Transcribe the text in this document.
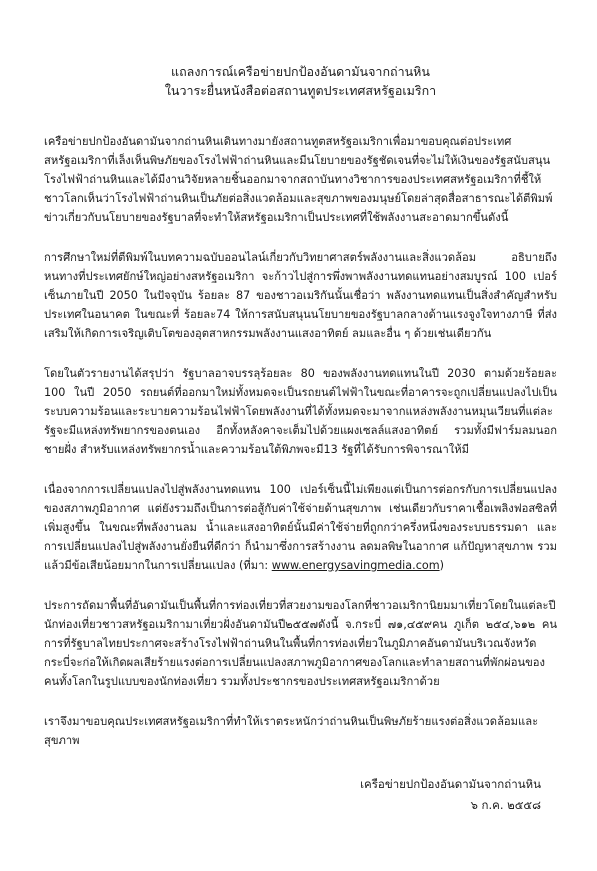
แถลงการณ์เครือข่ายปกป้องอันดามันจากถ่านหิน

ในวาระยื่นหนังสือต่อสถานทูตประเทศสหรัฐอเมริกา

เครือข่ายปกป้องอันดามันจากถ่านหินเดินทางมายังสถานทูตสหรัฐอเมริกาเพื่อมาขอบคุณต่อประเทศสหรัฐอเมริกาที่เล็งเห็นพิษภัยของโรงไฟฟ้าถ่านหินและมีนโยบายของรัฐชัดเจนที่จะไม่ให้เงินของรัฐสนับสนุนโรงไฟฟ้าถ่านหินและได้มีงานวิจัยหลายชิ้นออกมาจากสถาบันทางวิชาการของประเทศสหรัฐอเมริกาที่ชี้ให้ชาวโลกเห็นว่าโรงไฟฟ้าถ่านหินเป็นภัยต่อสิ่งแวดล้อมและสุขภาพของมนุษย์โดยล่าสุดสื่อสาธารณะได้ตีพิมพ์ข่าวเกี่ยวกับนโยบายของรัฐบาลที่จะทำให้สหรัฐอเมริกาเป็นประเทศที่ใช้พลังงานสะอาดมากขึ้นดังนี้

การศึกษาใหม่ที่ตีพิมพ์ในบทความฉบับออนไลน์เกี่ยวกับวิทยาศาสตร์พลังงานและสิ่งแวดล้อม อธิบายถึงหนทางที่ประเทศยักษ์ใหญ่อย่างสหรัฐอเมริกา จะก้าวไปสู่การพึ่งพาพลังงานทดแทนอย่างสมบูรณ์ 100 เปอร์เซ็นภายในปี 2050 ในปัจจุบัน ร้อยละ 87 ของชาวอเมริกันนั้นเชื่อว่า พลังงานทดแทนเป็นสิ่งสำคัญสำหรับประเทศในอนาคต ในขณะที่ ร้อยละ74 ให้การสนับสนุนนโยบายของรัฐบาลกลางด้านแรงจูงใจทางภาษี ที่ส่งเสริมให้เกิดการเจริญเติบโตของอุตสาหกรรมพลังงานแสงอาทิตย์ ลมและอื่น ๆ ด้วยเช่นเดียวกัน

โดยในตัวรายงานได้สรุปว่า รัฐบาลอาจบรรลุร้อยละ 80 ของพลังงานทดแทนในปี 2030 ตามด้วยร้อยละ 100 ในปี 2050 รถยนต์ที่ออกมาใหม่ทั้งหมดจะเป็นรถยนต์ไฟฟ้าในขณะที่อาคารจะถูกเปลี่ยนแปลงไปเป็นระบบความร้อนและระบายความร้อนไฟฟ้าโดยพลังงานที่ได้ทั้งหมดจะมาจากแหล่งพลังงานหมุนเวียนที่แต่ละรัฐจะมีแหล่งทรัพยากรของตนเอง อีกทั้งหลังคาจะเต็มไปด้วยแผงเซลล์แสงอาทิตย์ รวมทั้งมีฟาร์มลมนอกชายฝั่ง สำหรับแหล่งทรัพยากรน้ำและความร้อนใต้พิภพจะมี13 รัฐที่ได้รับการพิจารณาให้มี

เนื่องจากการเปลี่ยนแปลงไปสู่พลังงานทดแทน 100 เปอร์เซ็นนี้ไม่เพียงแต่เป็นการต่อกรกับการเปลี่ยนแปลงของสภาพภูมิอากาศ แต่ยังรวมถึงเป็นการต่อสู้กับค่าใช้จ่ายด้านสุขภาพ เช่นเดียวกับราคาเชื้อเพลิงฟอสซิลที่เพิ่มสูงขึ้น ในขณะที่พลังงานลม น้ำและแสงอาทิตย์นั้นมีค่าใช้จ่ายที่ถูกกว่าครึ่งหนึ่งของระบบธรรมดา และการเปลี่ยนแปลงไปสู่พลังงานยั่งยืนที่ดีกว่า ก็นำมาซึ่งการสร้างงาน ลดมลพิษในอากาศ แก้ปัญหาสุขภาพ รวมแล้วมีข้อเสียน้อยมากในการเปลี่ยนแปลง (ที่มา: www.energysavingmedia.com)

ประการถัดมาพื้นที่อันดามันเป็นพื้นที่การท่องเที่ยวที่สวยงามของโลกที่ชาวอเมริกานิยมมาเที่ยวโดยในแต่ละปีนักท่องเที่ยวชาวสหรัฐอเมริกามาเที่ยวฝั่งอันดามันปี๒๕๕๗ดังนี้ จ.กระบี่ ๗๑,๔๕๙คน ภูเก็ต ๒๕๔,๖๑๒ คน การที่รัฐบาลไทยประกาศจะสร้างโรงไฟฟ้าถ่านหินในพื้นที่การท่องเที่ยวในภูมิภาคอันดามันบริเวณจังหวัดกระบี่จะก่อให้เกิดผลเสียร้ายแรงต่อการเปลี่ยนแปลงสภาพภูมิอากาศของโลกและทำลายสถานที่พักผ่อนของคนทั้งโลกในรูปแบบของนักท่องเที่ยว รวมทั้งประชากรของประเทศสหรัฐอเมริกาด้วย

เราจึงมาขอบคุณประเทศสหรัฐอเมริกาที่ทำให้เราตระหนักว่าถ่านหินเป็นพิษภัยร้ายแรงต่อสิ่งแวดล้อมและสุขภาพ

เครือข่ายปกป้องอันดามันจากถ่านหิน
๖ ก.ค. ๒๕๕๘
